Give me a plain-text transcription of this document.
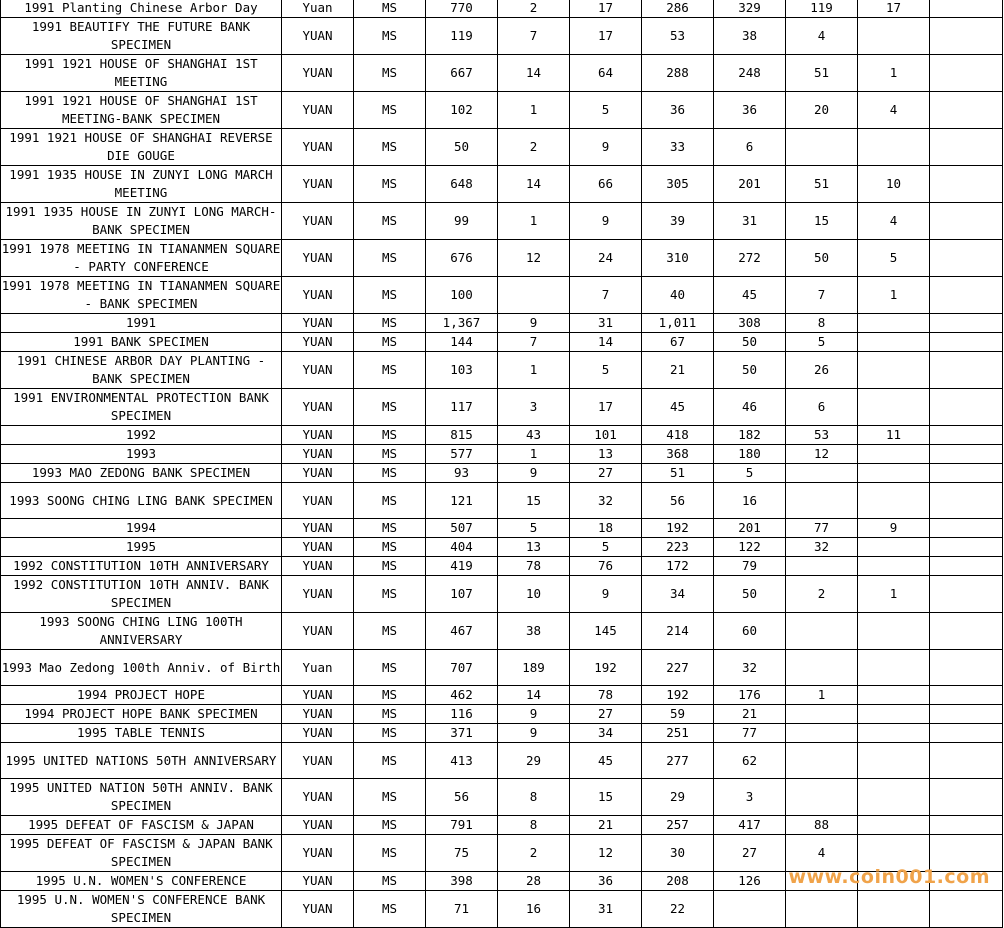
1991 Planting Chinese Arbor Day	Yuan	MS	770	2	17	286	329	119	17	
1991 BEAUTIFY THE FUTURE BANK SPECIMEN	YUAN	MS	119	7	17	53	38	4		
1991 1921 HOUSE OF SHANGHAI 1ST MEETING	YUAN	MS	667	14	64	288	248	51	1	
1991 1921 HOUSE OF SHANGHAI 1ST MEETING-BANK SPECIMEN	YUAN	MS	102	1	5	36	36	20	4	
1991 1921 HOUSE OF SHANGHAI REVERSE DIE GOUGE	YUAN	MS	50	2	9	33	6			
1991 1935 HOUSE IN ZUNYI LONG MARCH MEETING	YUAN	MS	648	14	66	305	201	51	10	
1991 1935 HOUSE IN ZUNYI LONG MARCH-BANK SPECIMEN	YUAN	MS	99	1	9	39	31	15	4	
1991 1978 MEETING IN TIANANMEN SQUARE - PARTY CONFERENCE	YUAN	MS	676	12	24	310	272	50	5	
1991 1978 MEETING IN TIANANMEN SQUARE - BANK SPECIMEN	YUAN	MS	100		7	40	45	7	1	
1991	YUAN	MS	1,367	9	31	1,011	308	8		
1991 BANK SPECIMEN	YUAN	MS	144	7	14	67	50	5		
1991 CHINESE ARBOR DAY PLANTING - BANK SPECIMEN	YUAN	MS	103	1	5	21	50	26		
1991 ENVIRONMENTAL PROTECTION BANK SPECIMEN	YUAN	MS	117	3	17	45	46	6		
1992	YUAN	MS	815	43	101	418	182	53	11	
1993	YUAN	MS	577	1	13	368	180	12		
1993 MAO ZEDONG BANK SPECIMEN	YUAN	MS	93	9	27	51	5			
1993 SOONG CHING LING BANK SPECIMEN	YUAN	MS	121	15	32	56	16			
1994	YUAN	MS	507	5	18	192	201	77	9	
1995	YUAN	MS	404	13	5	223	122	32		
1992 CONSTITUTION 10TH ANNIVERSARY	YUAN	MS	419	78	76	172	79			
1992 CONSTITUTION 10TH ANNIV. BANK SPECIMEN	YUAN	MS	107	10	9	34	50	2	1	
1993 SOONG CHING LING 100TH ANNIVERSARY	YUAN	MS	467	38	145	214	60			
1993 Mao Zedong 100th Anniv. of Birth	Yuan	MS	707	189	192	227	32			
1994 PROJECT HOPE	YUAN	MS	462	14	78	192	176	1		
1994 PROJECT HOPE BANK SPECIMEN	YUAN	MS	116	9	27	59	21			
1995 TABLE TENNIS	YUAN	MS	371	9	34	251	77			
1995 UNITED NATIONS 50TH ANNIVERSARY	YUAN	MS	413	29	45	277	62			
1995 UNITED NATION 50TH ANNIV. BANK SPECIMEN	YUAN	MS	56	8	15	29	3			
1995 DEFEAT OF FASCISM & JAPAN	YUAN	MS	791	8	21	257	417	88		
1995 DEFEAT OF FASCISM & JAPAN BANK SPECIMEN	YUAN	MS	75	2	12	30	27	4		
1995 U.N. WOMEN'S CONFERENCE	YUAN	MS	398	28	36	208	126			
1995 U.N. WOMEN'S CONFERENCE BANK SPECIMEN	YUAN	MS	71	16	31	22				
www.coin001.com
